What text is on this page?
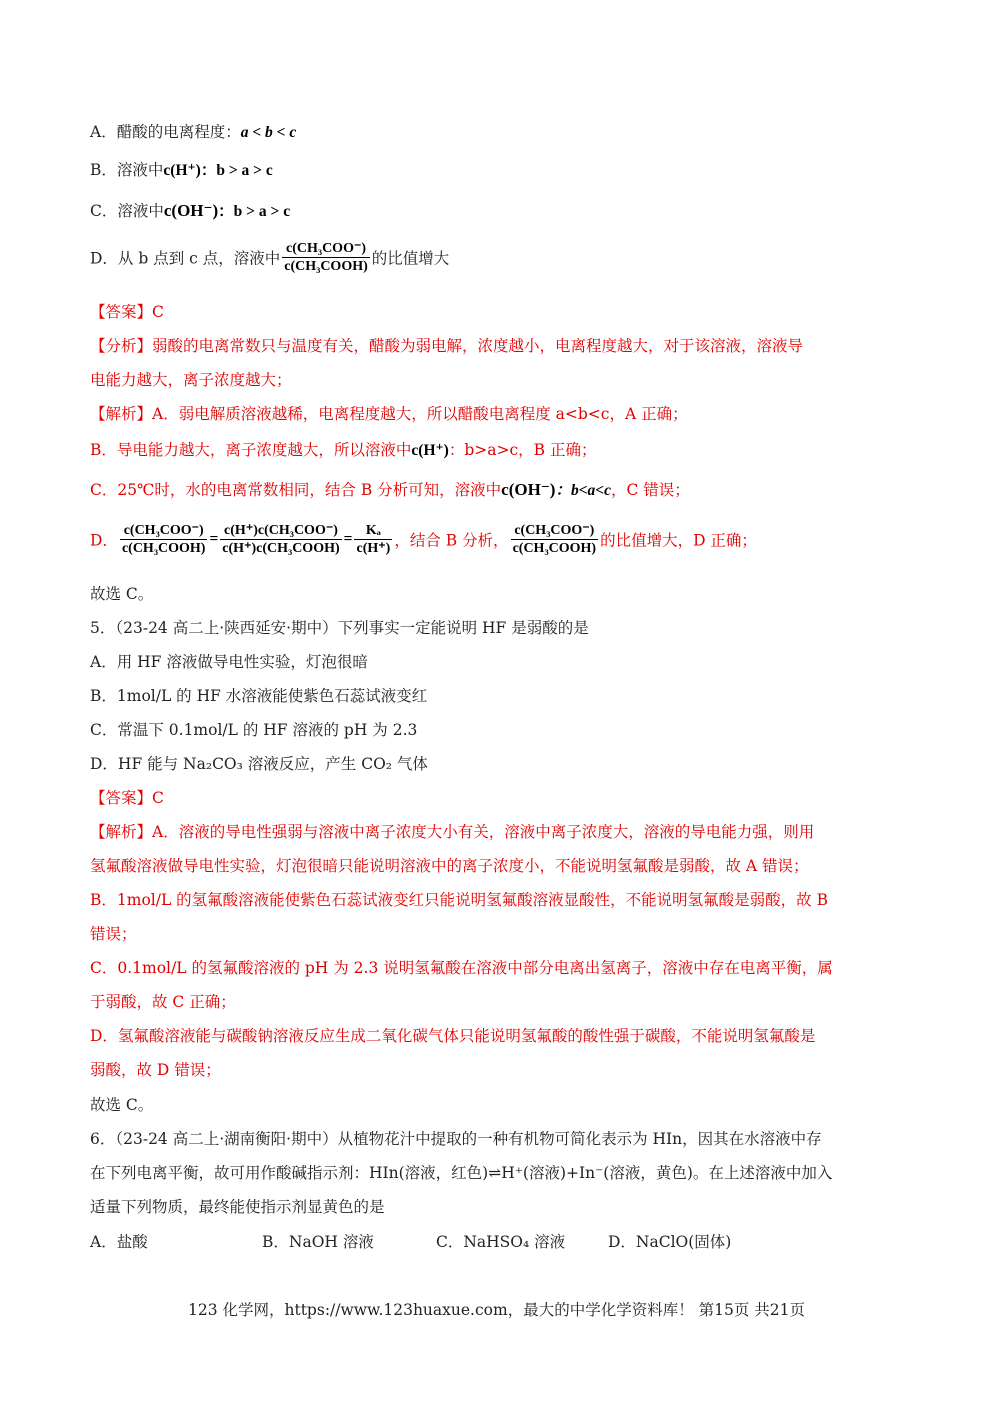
A．醋酸的电离程度：a < b < c
B．溶液中c(H⁺)：b > a > c
C．溶液中c(OH⁻)：b > a > c
D．从 b 点到 c 点，溶液中 $\frac{\text{c(CH₃COO⁻)}}{\text{c(CH₃COOH)}}$ 的比值增大
【答案】C
【分析】弱酸的电离常数只与温度有关，醋酸为弱电解，浓度越小，电离程度越大，对于该溶液，溶液导
电能力越大，离子浓度越大；
【解析】A．弱电解质溶液越稀，电离程度越大，所以醋酸电离程度 a<b<c，A 正确；
B．导电能力越大，离子浓度越大，所以溶液中c(H⁺)：b>a>c，B 正确；
C．25℃时，水的电离常数相同，结合 B 分析可知，溶液中c(OH⁻)：b<a<c，C 错误；
D． $\frac{\text{c(CH₃COO⁻)}}{\text{c(CH₃COOH)}} = \frac{\text{c(H⁺)c(CH₃COO⁻)}}{\text{c(H⁺)c(CH₃COOH)}} = \frac{\text{Kₐ}}{c(H^+)}$ ，结合 B 分析， $\frac{\text{c(CH₃COO⁻)}}{\text{c(CH₃COOH)}}$ 的比值增大，D 正确；
故选 C。
5．（23-24 高二上·陕西延安·期中）下列事实一定能说明 HF 是弱酸的是
A．用 HF 溶液做导电性实验，灯泡很暗
B．1mol/L 的 HF 水溶液能使紫色石蕊试液变红
C．常温下 0.1mol/L 的 HF 溶液的 pH 为 2.3
D．HF 能与 Na₂CO₃ 溶液反应，产生 CO₂ 气体
【答案】C
【解析】A．溶液的导电性强弱与溶液中离子浓度大小有关，溶液中离子浓度大，溶液的导电能力强，则用
氢氟酸溶液做导电性实验，灯泡很暗只能说明溶液中的离子浓度小，不能说明氢氟酸是弱酸，故 A 错误；
B．1mol/L 的氢氟酸溶液能使紫色石蕊试液变红只能说明氢氟酸溶液显酸性，不能说明氢氟酸是弱酸，故 B
错误；
C．0.1mol/L 的氢氟酸溶液的 pH 为 2.3 说明氢氟酸在溶液中部分电离出氢离子，溶液中存在电离平衡，属
于弱酸，故 C 正确；
D．氢氟酸溶液能与碳酸钠溶液反应生成二氧化碳气体只能说明氢氟酸的酸性强于碳酸，不能说明氢氟酸是
弱酸，故 D 错误；
故选 C。
6．（23-24 高二上·湖南衡阳·期中）从植物花汁中提取的一种有机物可简化表示为 HIn，因其在水溶液中存
在下列电离平衡，故可用作酸碱指示剂：HIn(溶液，红色)⇌H⁺(溶液)+In⁻(溶液，黄色)。在上述溶液中加入
适量下列物质，最终能使指示剂显黄色的是
A．盐酸	B．NaOH 溶液	C．NaHSO₄ 溶液	D．NaClO(固体)
123 化学网，https://www.123huaxue.com，最大的中学化学资料库！ 第15页 共21页
